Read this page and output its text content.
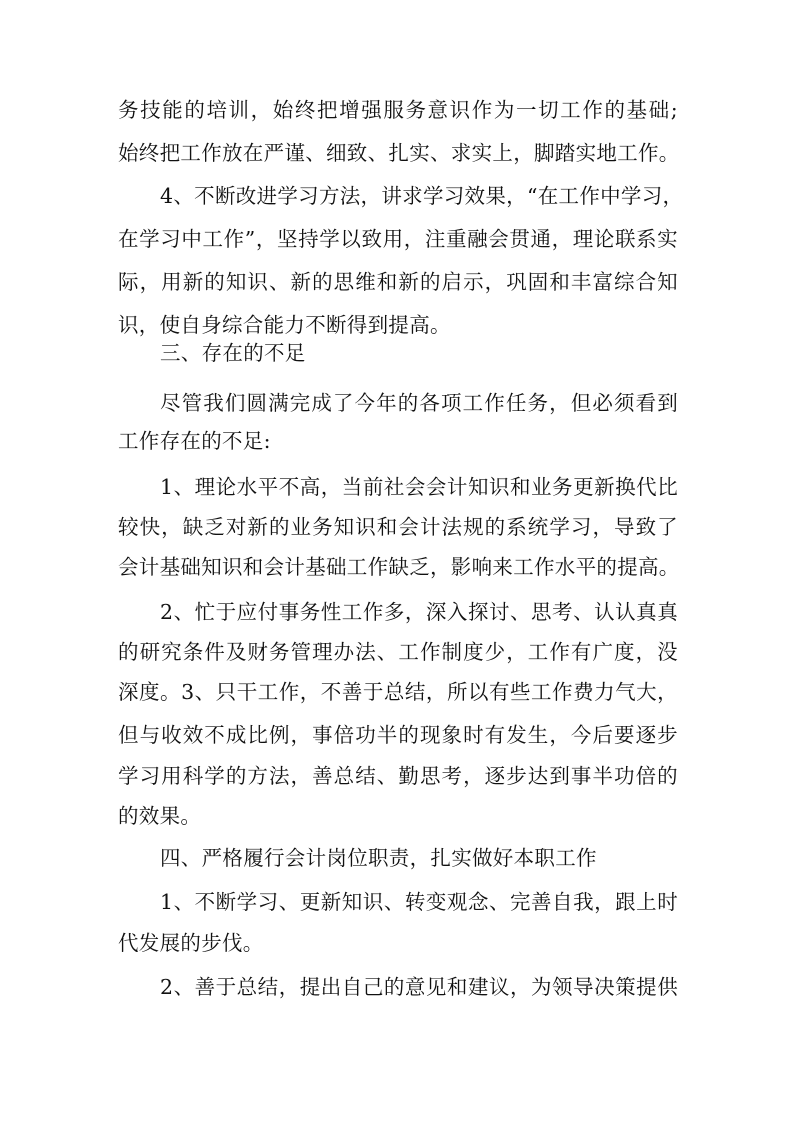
务技能的培训，始终把增强服务意识作为一切工作的基础;
始终把工作放在严谨、细致、扎实、求实上，脚踏实地工作。
4、不断改进学习方法，讲求学习效果，“在工作中学习，
在学习中工作”，坚持学以致用，注重融会贯通，理论联系实
际，用新的知识、新的思维和新的启示，巩固和丰富综合知
识，使自身综合能力不断得到提高。
三、存在的不足
尽管我们圆满完成了今年的各项工作任务，但必须看到
工作存在的不足:
1、理论水平不高，当前社会会计知识和业务更新换代比
较快，缺乏对新的业务知识和会计法规的系统学习，导致了
会计基础知识和会计基础工作缺乏，影响来工作水平的提高。
2、忙于应付事务性工作多，深入探讨、思考、认认真真
的研究条件及财务管理办法、工作制度少，工作有广度，没
深度。3、只干工作，不善于总结，所以有些工作费力气大，
但与收效不成比例，事倍功半的现象时有发生，今后要逐步
学习用科学的方法，善总结、勤思考，逐步达到事半功倍的
的效果。
四、严格履行会计岗位职责，扎实做好本职工作
1、不断学习、更新知识、转变观念、完善自我，跟上时
代发展的步伐。
2、善于总结，提出自己的意见和建议，为领导决策提供
